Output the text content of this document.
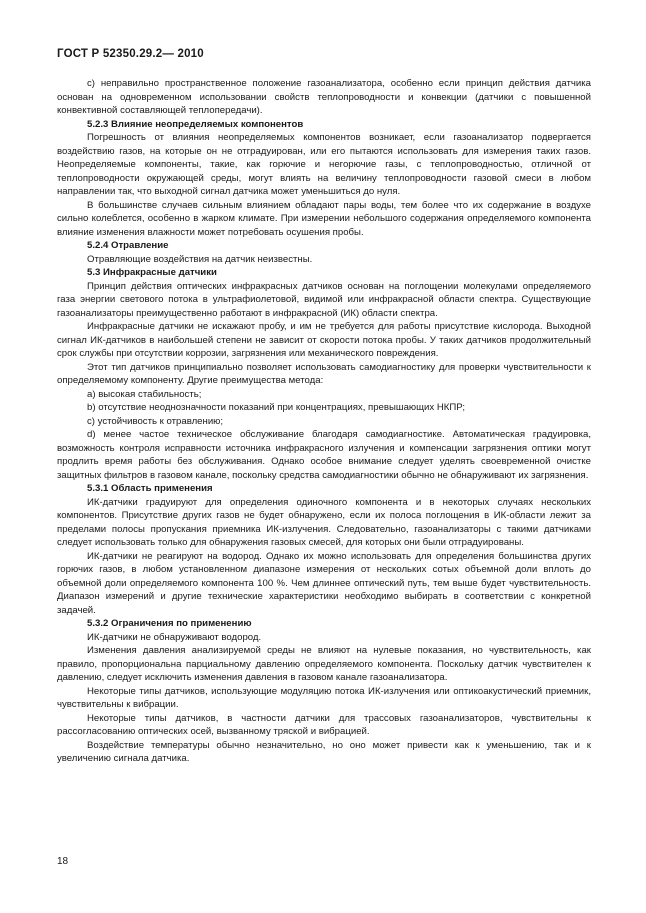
ГОСТ Р 52350.29.2— 2010

с) неправильно пространственное положение газоанализатора, особенно если принцип действия датчика основан на одновременном использовании свойств теплопроводности и конвекции (датчики с повышенной конвективной составляющей теплопередачи).

5.2.3 Влияние неопределяемых компонентов

Погрешность от влияния неопределяемых компонентов возникает, если газоанализатор подвергается воздействию газов, на которые он не отградуирован, или его пытаются использовать для измерения таких газов. Неопределяемые компоненты, такие, как горючие и негорючие газы, с теплопроводностью, отличной от теплопроводности окружающей среды, могут влиять на величину теплопроводности газовой смеси в любом направлении так, что выходной сигнал датчика может уменьшиться до нуля.

В большинстве случаев сильным влиянием обладают пары воды, тем более что их содержание в воздухе сильно колеблется, особенно в жарком климате. При измерении небольшого содержания определяемого компонента влияние изменения влажности может потребовать осушения пробы.

5.2.4 Отравление

Отравляющие воздействия на датчик неизвестны.

5.3 Инфракрасные датчики

Принцип действия оптических инфракрасных датчиков основан на поглощении молекулами определяемого газа энергии светового потока в ультрафиолетовой, видимой или инфракрасной области спектра. Существующие газоанализаторы преимущественно работают в инфракрасной (ИК) области спектра.

Инфракрасные датчики не искажают пробу, и им не требуется для работы присутствие кислорода. Выходной сигнал ИК-датчиков в наибольшей степени не зависит от скорости потока пробы. У таких датчиков продолжительный срок службы при отсутствии коррозии, загрязнения или механического повреждения.

Этот тип датчиков принципиально позволяет использовать самодиагностику для проверки чувствительности к определяемому компоненту. Другие преимущества метода:

а) высокая стабильность;

b) отсутствие неоднозначности показаний при концентрациях, превышающих НКПР;

с) устойчивость к отравлению;

d) менее частое техническое обслуживание благодаря самодиагностике. Автоматическая градуировка, возможность контроля исправности источника инфракрасного излучения и компенсации загрязнения оптики могут продлить время работы без обслуживания. Однако особое внимание следует уделять своевременной очистке защитных фильтров в газовом канале, поскольку средства самодиагностики обычно не обнаруживают их загрязнения.

5.3.1 Область применения

ИК-датчики градуируют для определения одиночного компонента и в некоторых случаях нескольких компонентов. Присутствие других газов не будет обнаружено, если их полоса поглощения в ИК-области лежит за пределами полосы пропускания приемника ИК-излучения. Следовательно, газоанализаторы с такими датчиками следует использовать только для обнаружения газовых смесей, для которых они были отградуированы.

ИК-датчики не реагируют на водород. Однако их можно использовать для определения большинства других горючих газов, в любом установленном диапазоне измерения от нескольких сотых объемной доли вплоть до объемной доли определяемого компонента 100 %. Чем длиннее оптический путь, тем выше будет чувствительность. Диапазон измерений и другие технические характеристики необходимо выбирать в соответствии с конкретной задачей.

5.3.2 Ограничения по применению

ИК-датчики не обнаруживают водород.

Изменения давления анализируемой среды не влияют на нулевые показания, но чувствительность, как правило, пропорциональна парциальному давлению определяемого компонента. Поскольку датчик чувствителен к давлению, следует исключить изменения давления в газовом канале газоанализатора.

Некоторые типы датчиков, использующие модуляцию потока ИК-излучения или оптикоакустический приемник, чувствительны к вибрации.

Некоторые типы датчиков, в частности датчики для трассовых газоанализаторов, чувствительны к рассогласованию оптических осей, вызванному тряской и вибрацией.

Воздействие температуры обычно незначительно, но оно может привести как к уменьшению, так и к увеличению сигнала датчика.

18
